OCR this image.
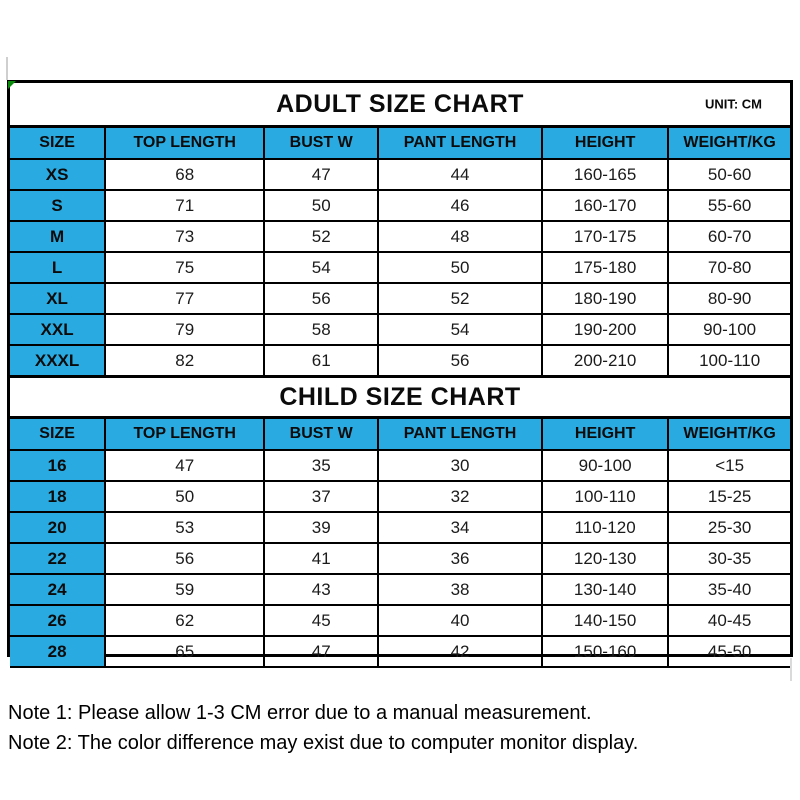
ADULT SIZE CHART	UNIT: CM
SIZE	TOP LENGTH	BUST W	PANT LENGTH	HEIGHT	WEIGHT/KG
XS	68	47	44	160-165	50-60
S	71	50	46	160-170	55-60
M	73	52	48	170-175	60-70
L	75	54	50	175-180	70-80
XL	77	56	52	180-190	80-90
XXL	79	58	54	190-200	90-100
XXXL	82	61	56	200-210	100-110
CHILD SIZE CHART
SIZE	TOP LENGTH	BUST W	PANT LENGTH	HEIGHT	WEIGHT/KG
16	47	35	30	90-100	<15
18	50	37	32	100-110	15-25
20	53	39	34	110-120	25-30
22	56	41	36	120-130	30-35
24	59	43	38	130-140	35-40
26	62	45	40	140-150	40-45
28	65	47	42	150-160	45-50

Note 1: Please allow 1-3 CM error due to a manual measurement.

Note 2: The color difference may exist due to computer monitor display.
